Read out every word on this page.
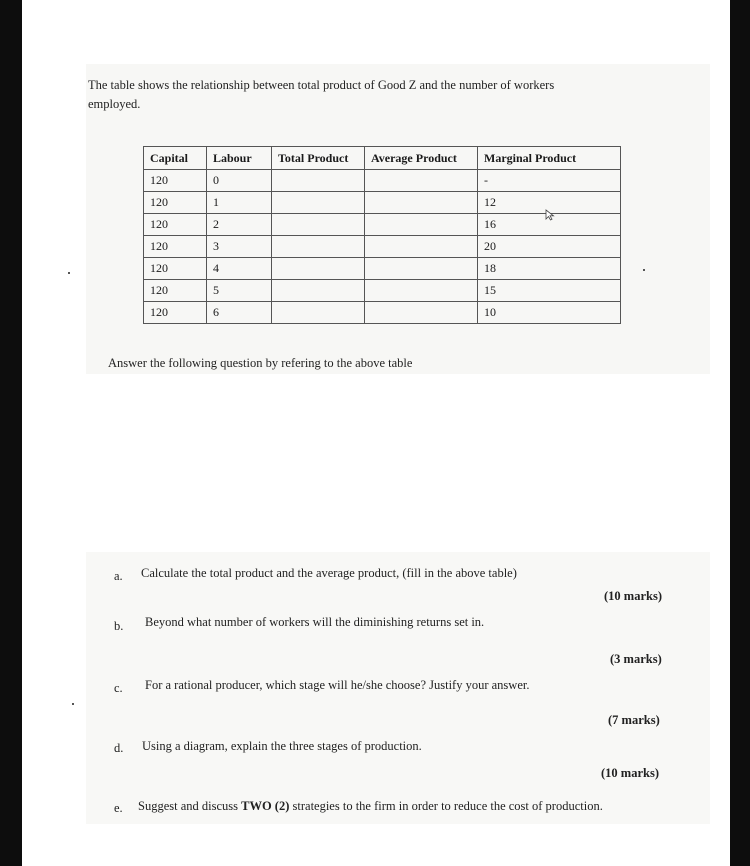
The table shows the relationship between total product of Good Z and the number of workers
employed.
Capital	Labour	Total Product	Average Product	Marginal Product
120	0			-
120	1			12
120	2			16
120	3			20
120	4			18
120	5			15
120	6			10
Answer the following question by refering to the above table
a. Calculate the total product and the average product, (fill in the above table)
(10 marks)
b. Beyond what number of workers will the diminishing returns set in.
(3 marks)
c. For a rational producer, which stage will he/she choose? Justify your answer.
(7 marks)
d. Using a diagram, explain the three stages of production.
(10 marks)
e. Suggest and discuss TWO (2) strategies to the firm in order to reduce the cost of production.
